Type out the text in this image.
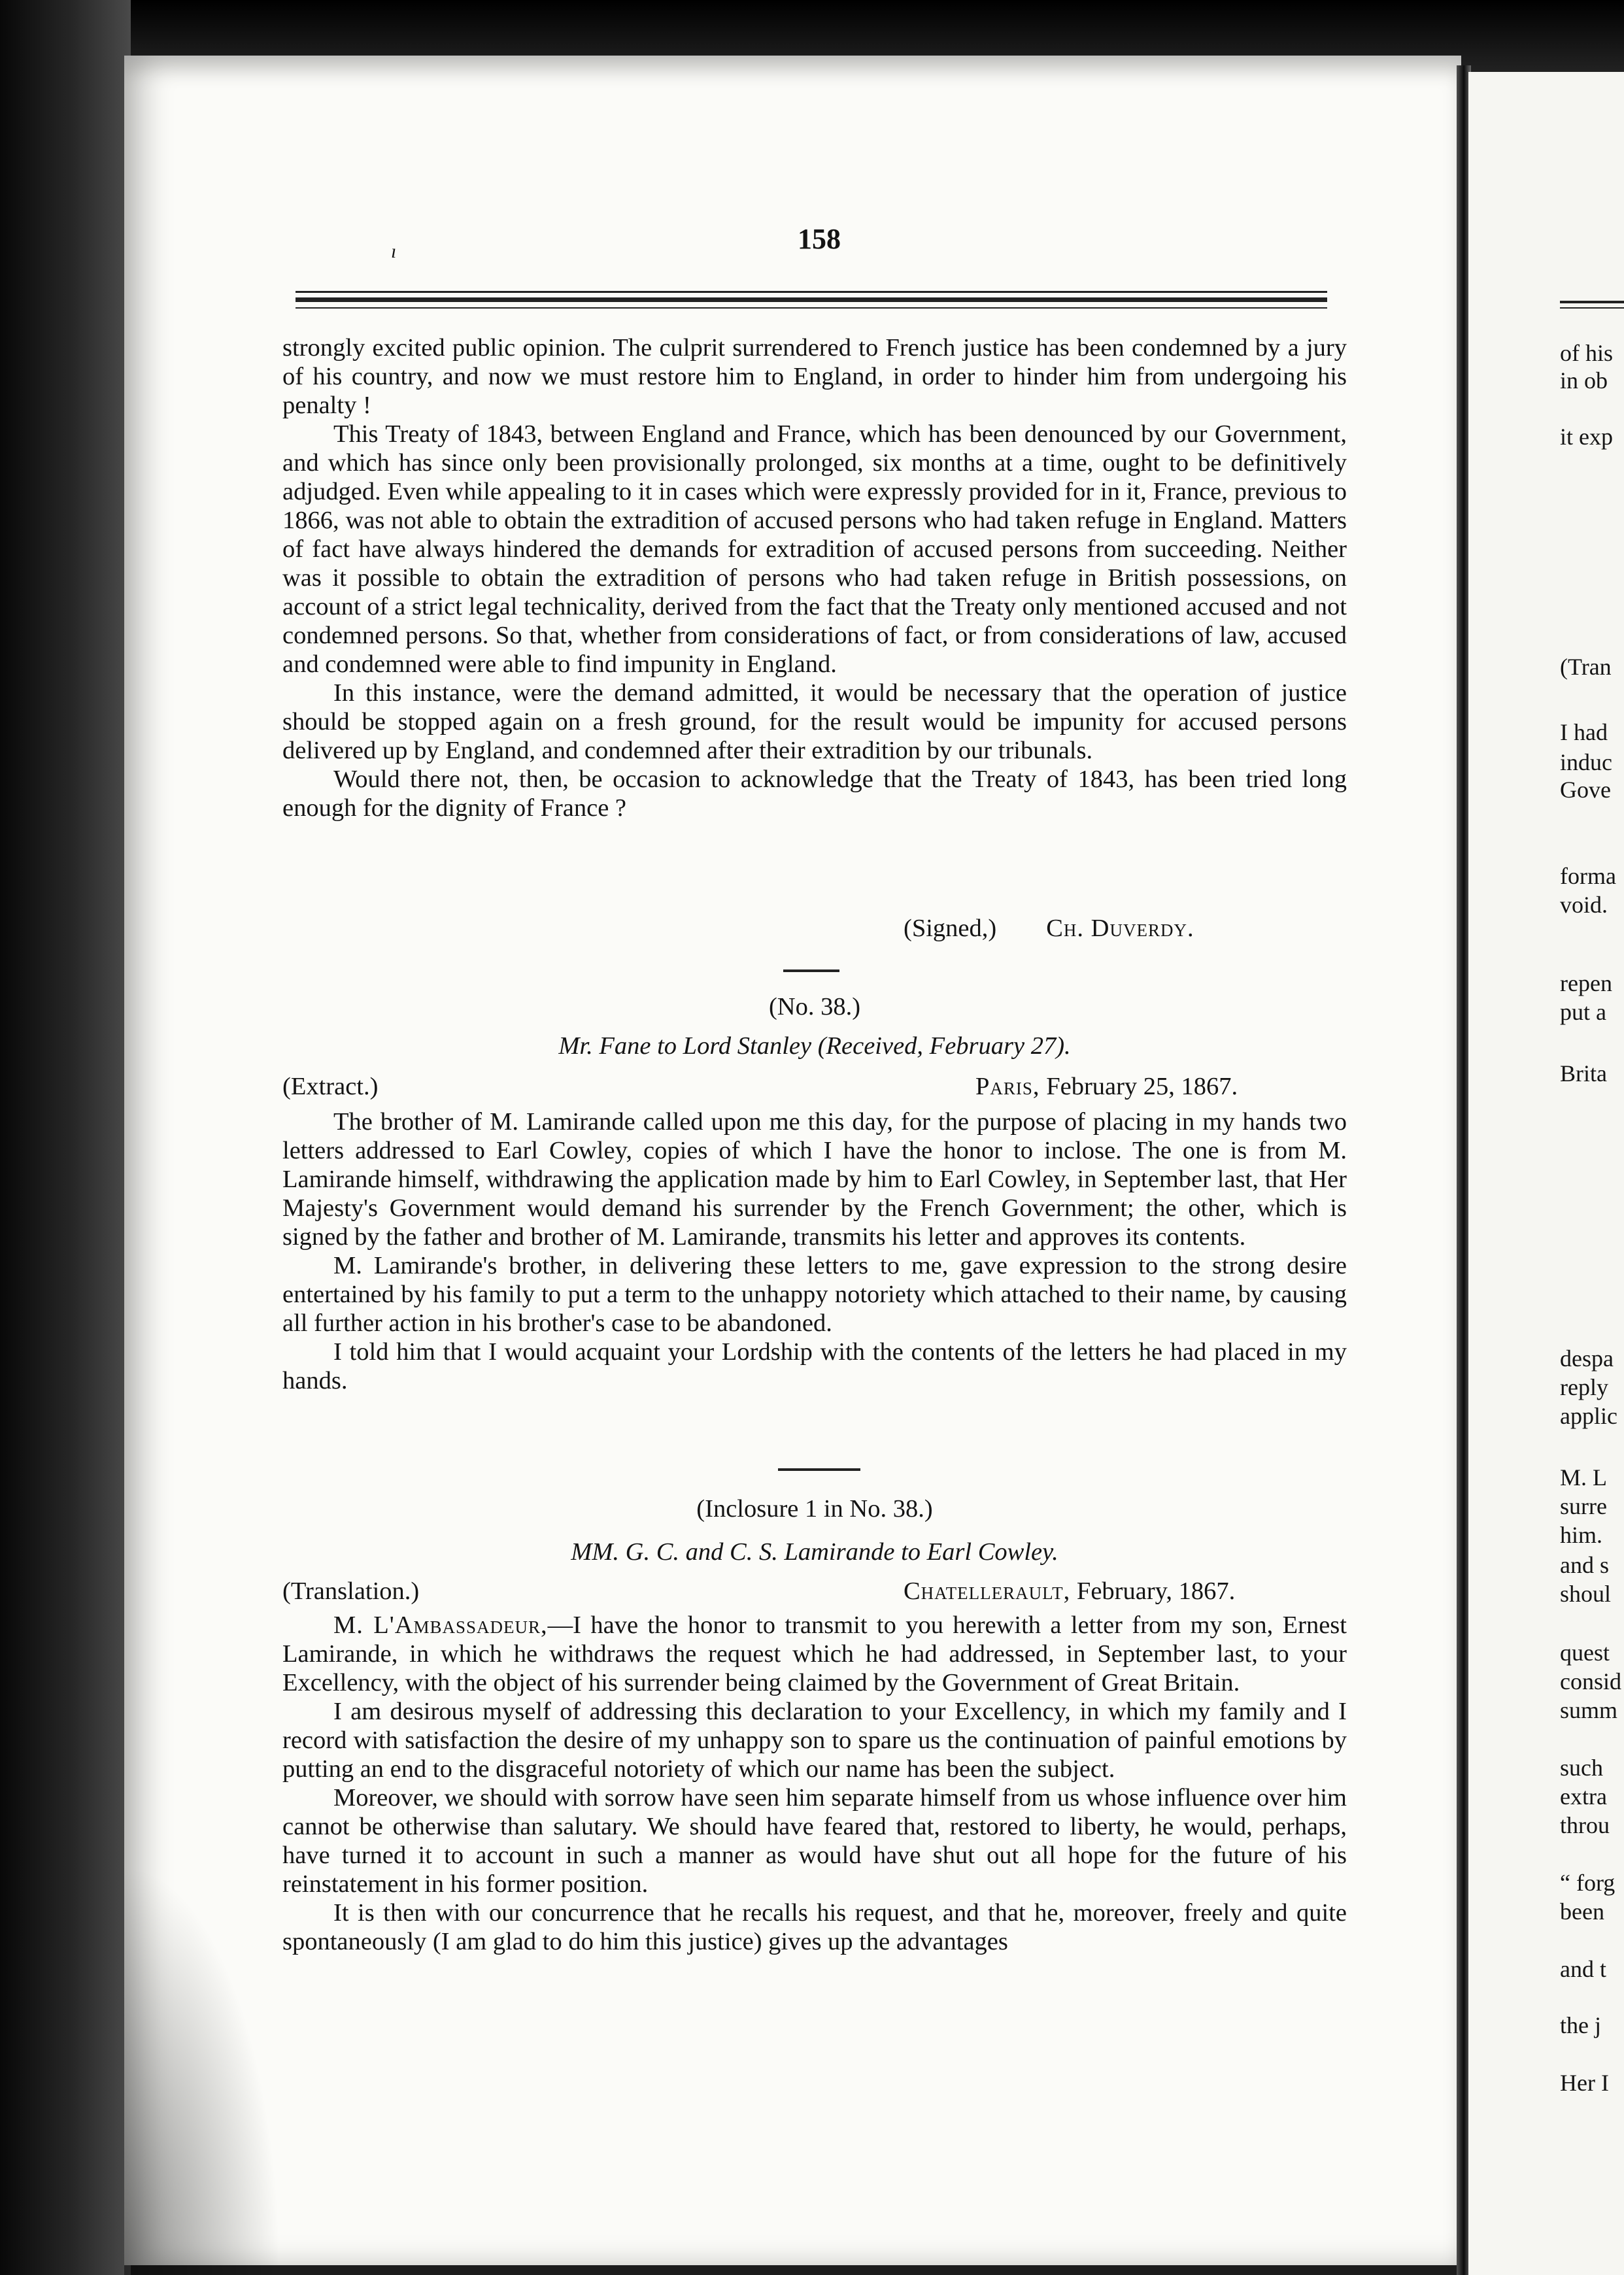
of his
in ob
it exp
(Tran
I had
induc
Gove
forma
void.
repen
put a
Brita
despa
reply
applic
M. L
surre
him.
and s
shoul
quest
consid
summ
such
extra
throu
“ forg
been
and t
the j
Her I
ı	158

strongly excited public opinion. The culprit surrendered to French justice has been condemned by a jury of his country, and now we must restore him to England, in order to hinder him from undergoing his penalty !

This Treaty of 1843, between England and France, which has been denounced by our Government, and which has since only been provisionally prolonged, six months at a time, ought to be definitively adjudged. Even while appealing to it in cases which were expressly provided for in it, France, previous to 1866, was not able to obtain the extradition of accused persons who had taken refuge in England. Matters of fact have always hindered the demands for extradition of accused persons from succeeding. Neither was it possible to obtain the extradition of persons who had taken refuge in British possessions, on account of a strict legal technicality, derived from the fact that the Treaty only mentioned accused and not condemned persons. So that, whether from considerations of fact, or from considerations of law, accused and condemned were able to find impunity in England.

In this instance, were the demand admitted, it would be necessary that the operation of justice should be stopped again on a fresh ground, for the result would be impunity for accused persons delivered up by England, and condemned after their extradition by our tribunals.

Would there not, then, be occasion to acknowledge that the Treaty of 1843, has been tried long enough for the dignity of France ?

(Signed,) Ch. Duverdy.
(No. 38.)
Mr. Fane to Lord Stanley (Received, February 27).
(Extract.)	Paris, February 25, 1867.

The brother of M. Lamirande called upon me this day, for the purpose of placing in my hands two letters addressed to Earl Cowley, copies of which I have the honor to inclose. The one is from M. Lamirande himself, withdrawing the application made by him to Earl Cowley, in September last, that Her Majesty's Government would demand his surrender by the French Government; the other, which is signed by the father and brother of M. Lamirande, transmits his letter and approves its contents.

M. Lamirande's brother, in delivering these letters to me, gave expression to the strong desire entertained by his family to put a term to the unhappy notoriety which attached to their name, by causing all further action in his brother's case to be abandoned.

I told him that I would acquaint your Lordship with the contents of the letters he had placed in my hands.

(Inclosure 1 in No. 38.)
MM. G. C. and C. S. Lamirande to Earl Cowley.
(Translation.)	Chatellerault, February, 1867.

M. L'Ambassadeur,—I have the honor to transmit to you herewith a letter from my son, Ernest Lamirande, in which he withdraws the request which he had addressed, in September last, to your Excellency, with the object of his surrender being claimed by the Government of Great Britain.

I am desirous myself of addressing this declaration to your Excellency, in which my family and I record with satisfaction the desire of my unhappy son to spare us the continuation of painful emotions by putting an end to the disgraceful notoriety of which our name has been the subject.

Moreover, we should with sorrow have seen him separate himself from us whose influence over him cannot be otherwise than salutary. We should have feared that, restored to liberty, he would, perhaps, have turned it to account in such a manner as would have shut out all hope for the future of his reinstatement in his former position.

It is then with our concurrence that he recalls his request, and that he, moreover, freely and quite spontaneously (I am glad to do him this justice) gives up the advantages
